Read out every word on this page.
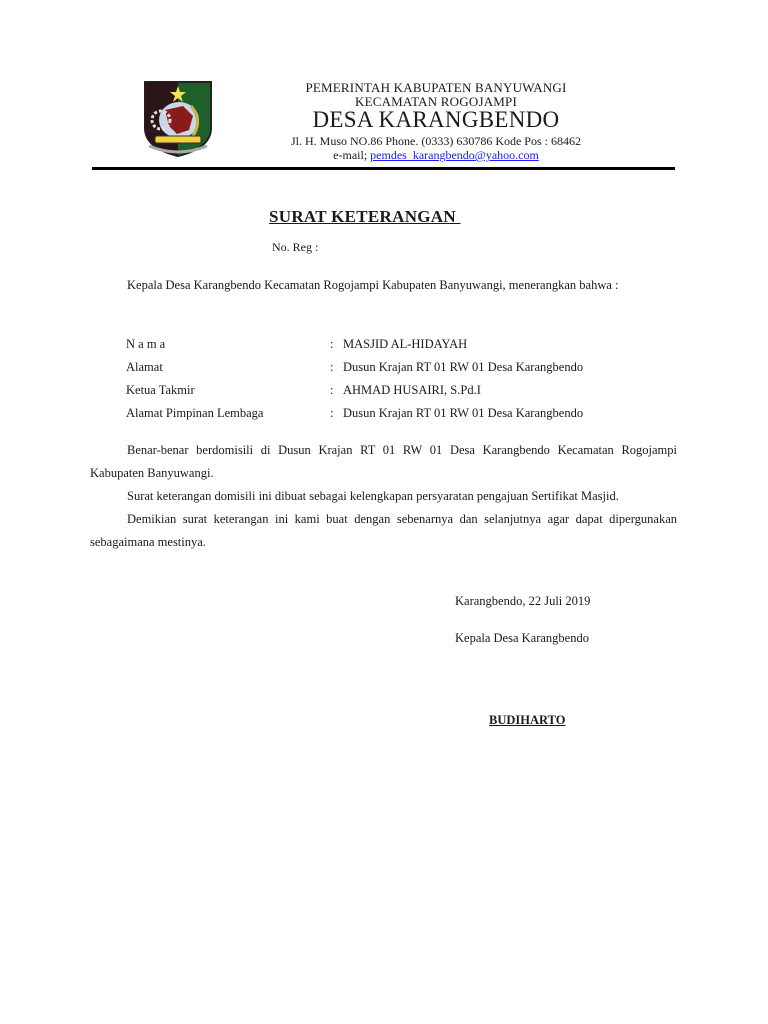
PEMERINTAH KABUPATEN BANYUWANGI
KECAMATAN ROGOJAMPI
DESA KARANGBENDO
Jl. H. Muso NO.86 Phone. (0333) 630786 Kode Pos : 68462
e-mail; pemdes_karangbendo@yahoo.com
SURAT KETERANGAN
No. Reg :
Kepala Desa Karangbendo Kecamatan Rogojampi Kabupaten Banyuwangi, menerangkan bahwa :
N a m a	: MASJID AL-HIDAYAH
Alamat	: Dusun Krajan RT 01 RW 01 Desa Karangbendo
Ketua Takmir	: AHMAD HUSAIRI, S.Pd.I
Alamat Pimpinan Lembaga	: Dusun Krajan RT 01 RW 01 Desa Karangbendo
Benar-benar berdomisili di Dusun Krajan RT 01 RW 01 Desa Karangbendo Kecamatan Rogojampi Kabupaten Banyuwangi.
Surat keterangan domisili ini dibuat sebagai kelengkapan persyaratan pengajuan Sertifikat Masjid.
Demikian surat keterangan ini kami buat dengan sebenarnya dan selanjutnya agar dapat dipergunakan sebagaimana mestinya.
Karangbendo, 22 Juli 2019
Kepala Desa Karangbendo
BUDIHARTO
